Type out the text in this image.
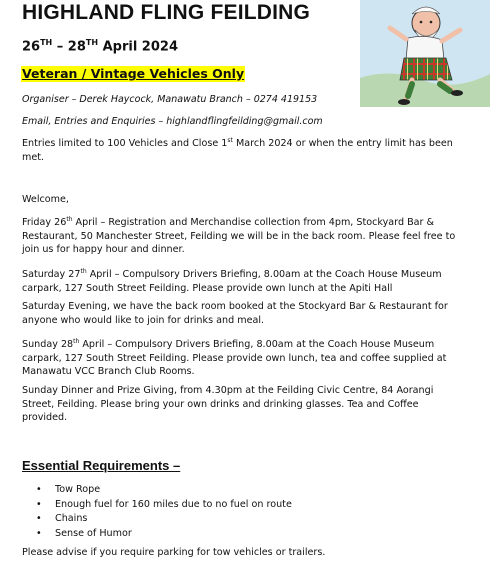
HIGHLAND FLING FEILDING
26TH – 28TH April 2024
Veteran / Vintage Vehicles Only
Organiser – Derek Haycock, Manawatu Branch – 0274 419153
Email, Entries and Enquiries – highlandflingfeilding@gmail.com

Entries limited to 100 Vehicles and Close 1st March 2024 or when the entry limit has been met.

Welcome,

Friday 26th April – Registration and Merchandise collection from 4pm, Stockyard Bar & Restaurant, 50 Manchester Street, Feilding we will be in the back room. Please feel free to join us for happy hour and dinner.

Saturday 27th April – Compulsory Drivers Briefing, 8.00am at the Coach House Museum carpark, 127 South Street Feilding. Please provide own lunch at the Apiti Hall

Saturday Evening, we have the back room booked at the Stockyard Bar & Restaurant for anyone who would like to join for drinks and meal.

Sunday 28th April – Compulsory Drivers Briefing, 8.00am at the Coach House Museum carpark, 127 South Street Feilding. Please provide own lunch, tea and coffee supplied at Manawatu VCC Branch Club Rooms.

Sunday Dinner and Prize Giving, from 4.30pm at the Feilding Civic Centre, 84 Aorangi Street, Feilding. Please bring your own drinks and drinking glasses. Tea and Coffee provided.

Essential Requirements –
• Tow Rope
• Enough fuel for 160 miles due to no fuel on route
• Chains
• Sense of Humor

Please advise if you require parking for tow vehicles or trailers.
